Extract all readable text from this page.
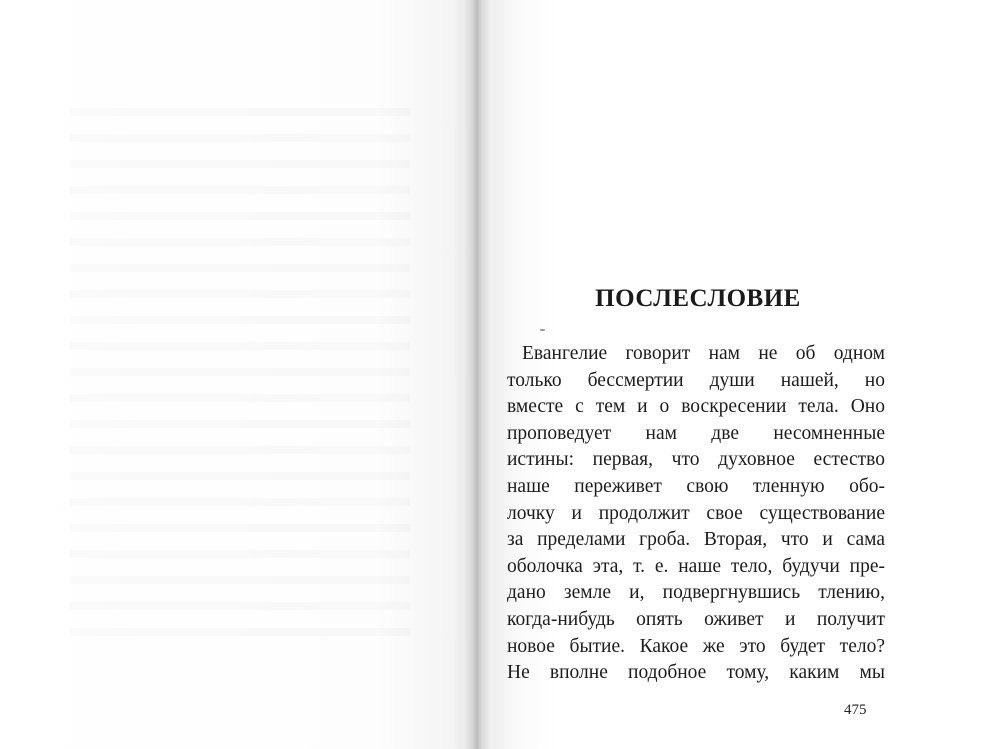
ПОСЛЕСЛОВИЕ
Евангелие говорит нам не об одном
только бессмертии души нашей, но
вместе с тем и о воскресении тела. Оно
проповедует нам две несомненные
истины: первая, что духовное естество
наше переживет свою тленную обо-
лочку и продолжит свое существование
за пределами гроба. Вторая, что и сама
оболочка эта, т. е. наше тело, будучи пре-
дано земле и, подвергнувшись тлению,
когда-нибудь опять оживет и получит
новое бытие. Какое же это будет тело?
Не вполне подобное тому, каким мы
475
